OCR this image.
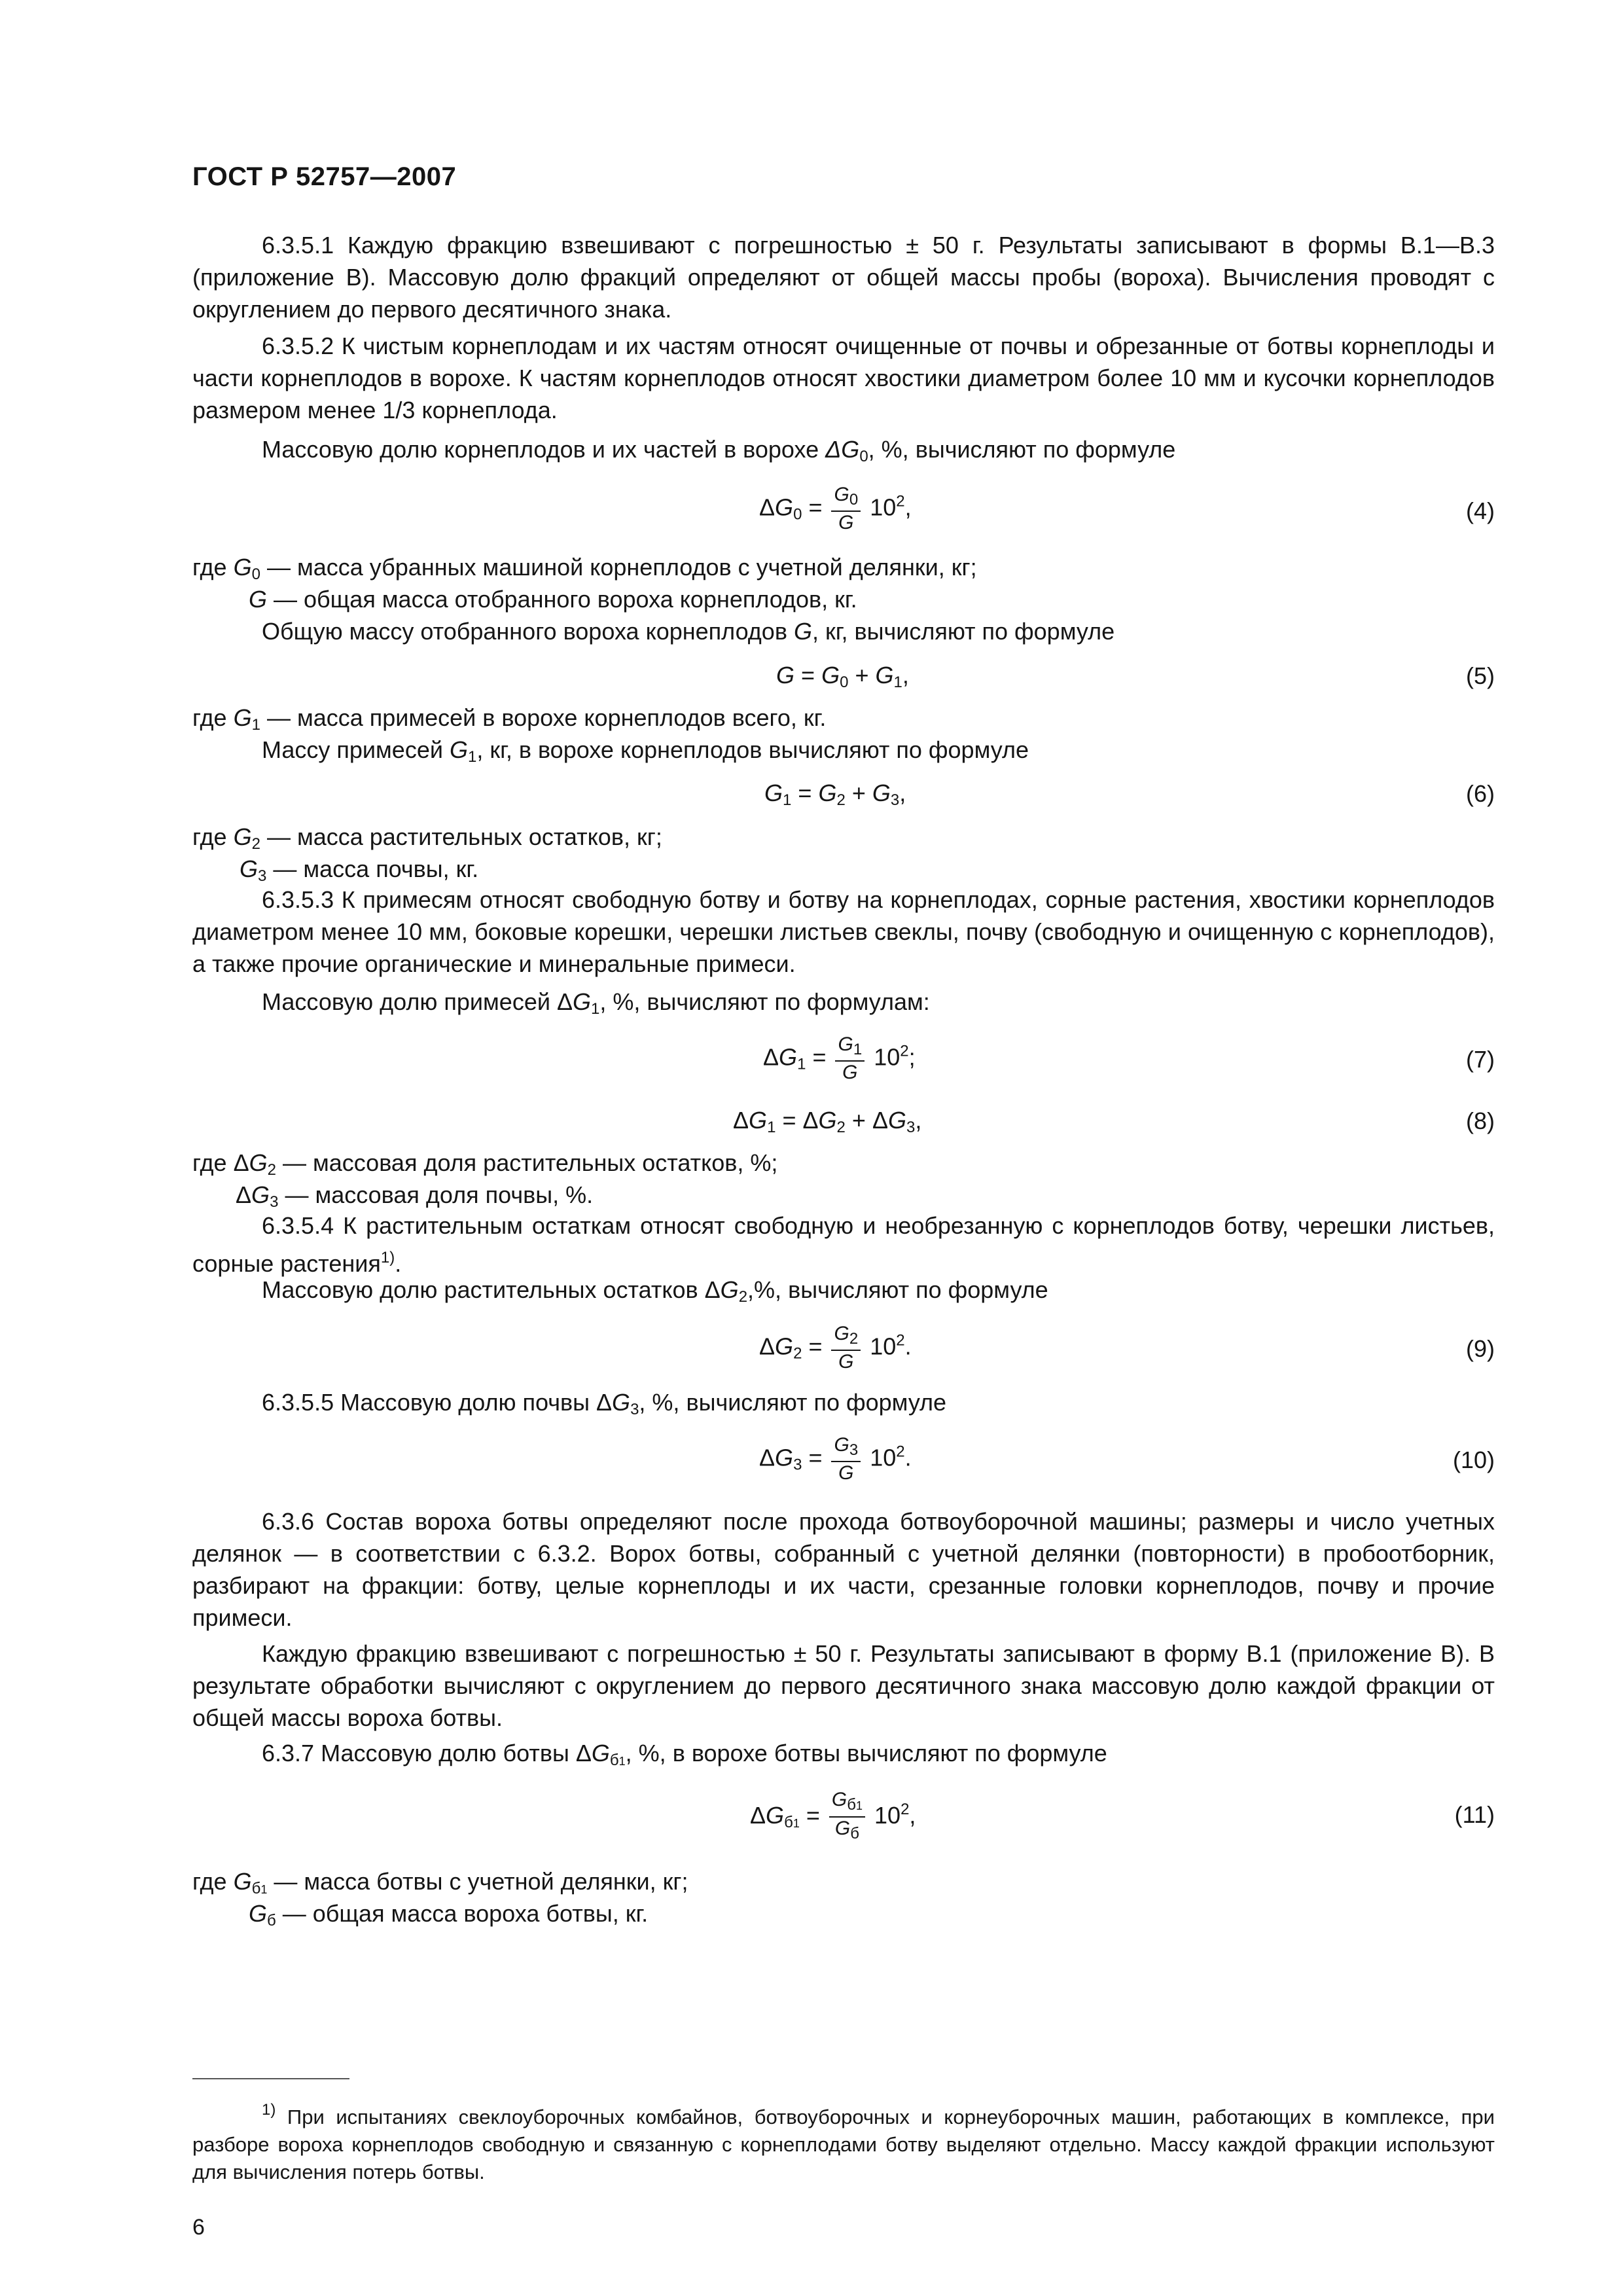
ГОСТ Р 52757—2007

6.3.5.1 Каждую фракцию взвешивают с погрешностью ± 50 г. Результаты записывают в формы В.1—В.3 (приложение В). Массовую долю фракций определяют от общей массы пробы (вороха). Вычисления проводят с округлением до первого десятичного знака.

6.3.5.2 К чистым корнеплодам и их частям относят очищенные от почвы и обрезанные от ботвы корнеплоды и части корнеплодов в ворохе. К частям корнеплодов относят хвостики диаметром более 10 мм и кусочки корнеплодов размером менее 1/3 корнеплода.

Массовую долю корнеплодов и их частей в ворохе $\Delta G_0$, %, вычисляют по формуле
$\Delta G_0 = \frac{G_0}{G} 10^2$,	(4)
где $G_0$ — масса убранных машиной корнеплодов с учетной делянки, кг;
G — общая масса отобранного вороха корнеплодов, кг.
Общую массу отобранного вороха корнеплодов G, кг, вычисляют по формуле
$G = G_0 + G_1$,	(5)
где $G_1$ — масса примесей в ворохе корнеплодов всего, кг.
Массу примесей $G_1$, кг, в ворохе корнеплодов вычисляют по формуле
$G_1 = G_2 + G_3$,	(6)
где $G_2$ — масса растительных остатков, кг;
$G_3$ — масса почвы, кг.

6.3.5.3 К примесям относят свободную ботву и ботву на корнеплодах, сорные растения, хвостики корнеплодов диаметром менее 10 мм, боковые корешки, черешки листьев свеклы, почву (свободную и очищенную с корнеплодов), а также прочие органические и минеральные примеси.

Массовую долю примесей $\Delta G_1$, %, вычисляют по формулам:
$\Delta G_1 = \frac{G_1}{G} 10^2$;	(7)
$\Delta G_1 = \Delta G_2 + \Delta G_3$,	(8)
где $\Delta G_2$ — массовая доля растительных остатков, %;
$\Delta G_3$ — массовая доля почвы, %.

6.3.5.4 К растительным остаткам относят свободную и необрезанную с корнеплодов ботву, черешки листьев, сорные растения$^{1)}$.

Массовую долю растительных остатков $\Delta G_2,\%$, вычисляют по формуле
$\Delta G_2 = \frac{G_2}{G} 10^2$.	(9)
6.3.5.5 Массовую долю почвы $\Delta G_3$, %, вычисляют по формуле
$\Delta G_3 = \frac{G_3}{G} 10^2$.	(10)

6.3.6 Состав вороха ботвы определяют после прохода ботвоуборочной машины; размеры и число учетных делянок — в соответствии с 6.3.2. Ворох ботвы, собранный с учетной делянки (повторности) в пробоотборник, разбирают на фракции: ботву, целые корнеплоды и их части, срезанные головки корнеплодов, почву и прочие примеси.

Каждую фракцию взвешивают с погрешностью ± 50 г. Результаты записывают в форму В.1 (приложение В). В результате обработки вычисляют с округлением до первого десятичного знака массовую долю каждой фракции от общей массы вороха ботвы.

6.3.7 Массовую долю ботвы $\Delta G_{б1}$, %, в ворохе ботвы вычисляют по формуле
$\Delta G_{б1} = \frac{G_{б1}}{G_б} 10^2$,	(11)
где $G_{б1}$ — масса ботвы с учетной делянки, кг;
$G_б$ — общая масса вороха ботвы, кг.

$^{1)}$ При испытаниях свеклоуборочных комбайнов, ботвоуборочных и корнеуборочных машин, работающих в комплексе, при разборе вороха корнеплодов свободную и связанную с корнеплодами ботву выделяют отдельно. Массу каждой фракции используют для вычисления потерь ботвы.

6
